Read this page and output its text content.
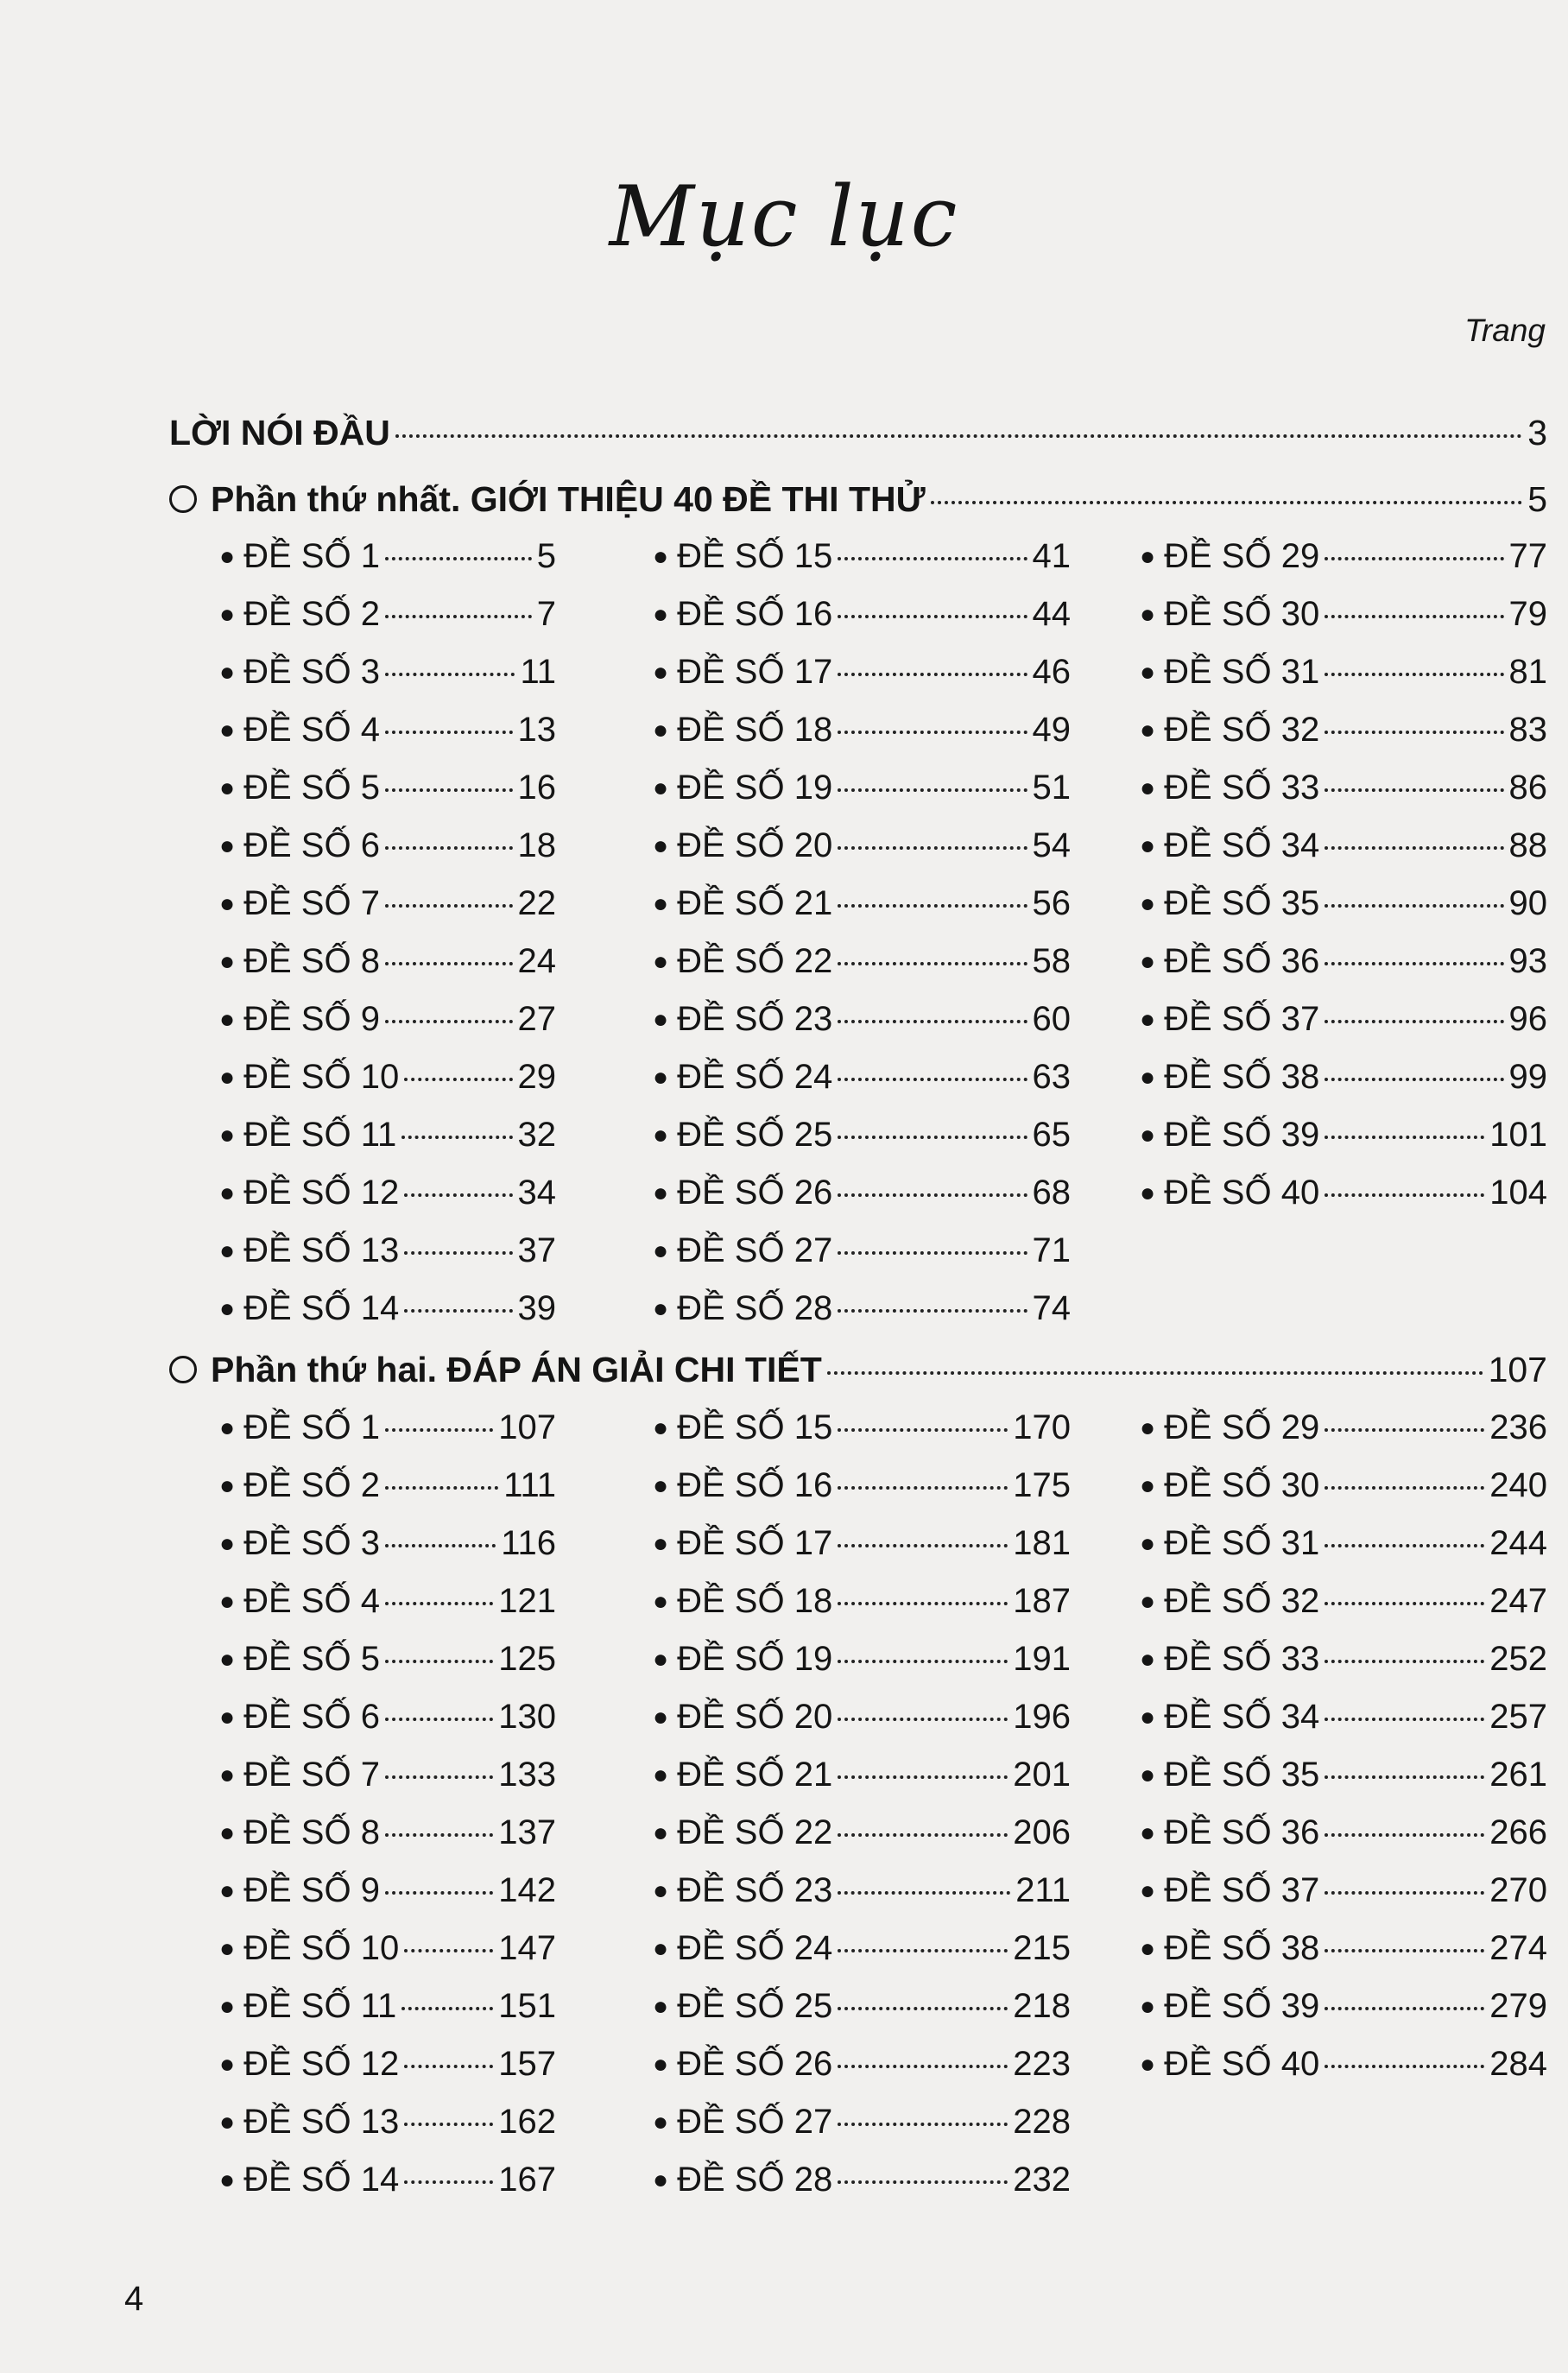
Mục lục
Trang
LỜI NÓI ĐẦU	3
Phần thứ nhất. GIỚI THIỆU 40 ĐỀ THI THỬ	5
● ĐỀ SỐ 1	5
● ĐỀ SỐ 2	7
● ĐỀ SỐ 3	11
● ĐỀ SỐ 4	13
● ĐỀ SỐ 5	16
● ĐỀ SỐ 6	18
● ĐỀ SỐ 7	22
● ĐỀ SỐ 8	24
● ĐỀ SỐ 9	27
● ĐỀ SỐ 10	29
● ĐỀ SỐ 11	32
● ĐỀ SỐ 12	34
● ĐỀ SỐ 13	37
● ĐỀ SỐ 14	39
● ĐỀ SỐ 15	41
● ĐỀ SỐ 16	44
● ĐỀ SỐ 17	46
● ĐỀ SỐ 18	49
● ĐỀ SỐ 19	51
● ĐỀ SỐ 20	54
● ĐỀ SỐ 21	56
● ĐỀ SỐ 22	58
● ĐỀ SỐ 23	60
● ĐỀ SỐ 24	63
● ĐỀ SỐ 25	65
● ĐỀ SỐ 26	68
● ĐỀ SỐ 27	71
● ĐỀ SỐ 28	74
● ĐỀ SỐ 29	77
● ĐỀ SỐ 30	79
● ĐỀ SỐ 31	81
● ĐỀ SỐ 32	83
● ĐỀ SỐ 33	86
● ĐỀ SỐ 34	88
● ĐỀ SỐ 35	90
● ĐỀ SỐ 36	93
● ĐỀ SỐ 37	96
● ĐỀ SỐ 38	99
● ĐỀ SỐ 39	101
● ĐỀ SỐ 40	104
Phần thứ hai. ĐÁP ÁN GIẢI CHI TIẾT	107
● ĐỀ SỐ 1	107
● ĐỀ SỐ 2	111
● ĐỀ SỐ 3	116
● ĐỀ SỐ 4	121
● ĐỀ SỐ 5	125
● ĐỀ SỐ 6	130
● ĐỀ SỐ 7	133
● ĐỀ SỐ 8	137
● ĐỀ SỐ 9	142
● ĐỀ SỐ 10	147
● ĐỀ SỐ 11	151
● ĐỀ SỐ 12	157
● ĐỀ SỐ 13	162
● ĐỀ SỐ 14	167
● ĐỀ SỐ 15	170
● ĐỀ SỐ 16	175
● ĐỀ SỐ 17	181
● ĐỀ SỐ 18	187
● ĐỀ SỐ 19	191
● ĐỀ SỐ 20	196
● ĐỀ SỐ 21	201
● ĐỀ SỐ 22	206
● ĐỀ SỐ 23	211
● ĐỀ SỐ 24	215
● ĐỀ SỐ 25	218
● ĐỀ SỐ 26	223
● ĐỀ SỐ 27	228
● ĐỀ SỐ 28	232
● ĐỀ SỐ 29	236
● ĐỀ SỐ 30	240
● ĐỀ SỐ 31	244
● ĐỀ SỐ 32	247
● ĐỀ SỐ 33	252
● ĐỀ SỐ 34	257
● ĐỀ SỐ 35	261
● ĐỀ SỐ 36	266
● ĐỀ SỐ 37	270
● ĐỀ SỐ 38	274
● ĐỀ SỐ 39	279
● ĐỀ SỐ 40	284
4
